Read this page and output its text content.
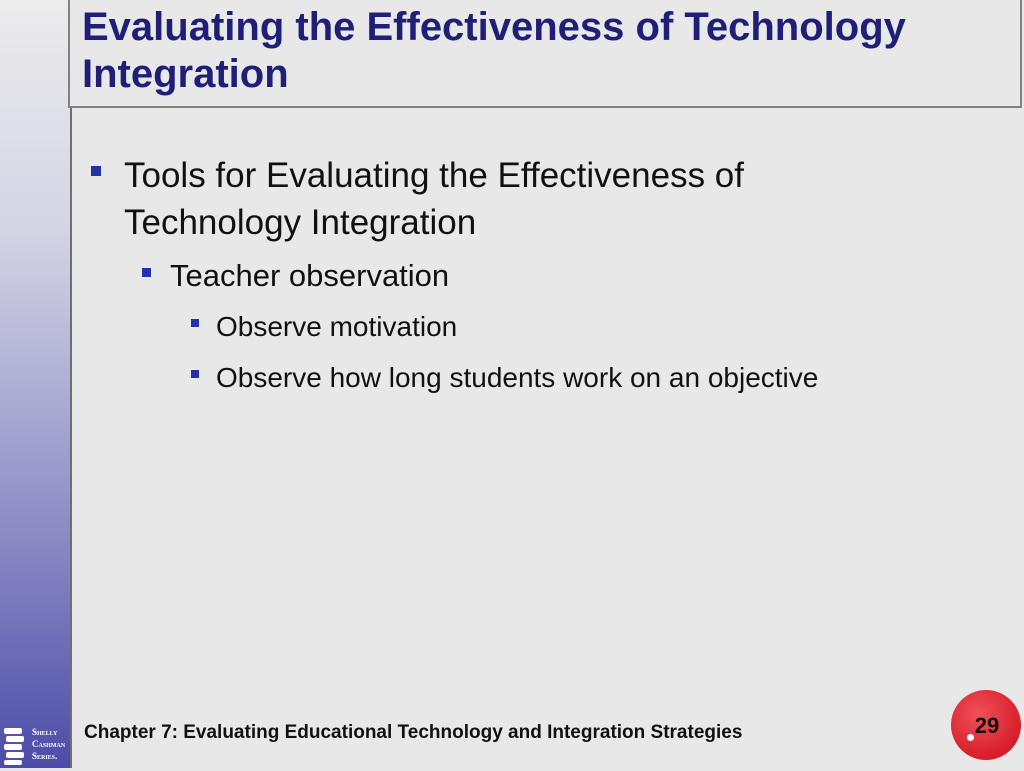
Evaluating the Effectiveness of Technology Integration
Tools for Evaluating the Effectiveness of Technology Integration
Teacher observation
Observe motivation
Observe how long students work on an objective
Shelly
Cashman
Series.
Chapter 7: Evaluating Educational Technology and Integration Strategies	29
